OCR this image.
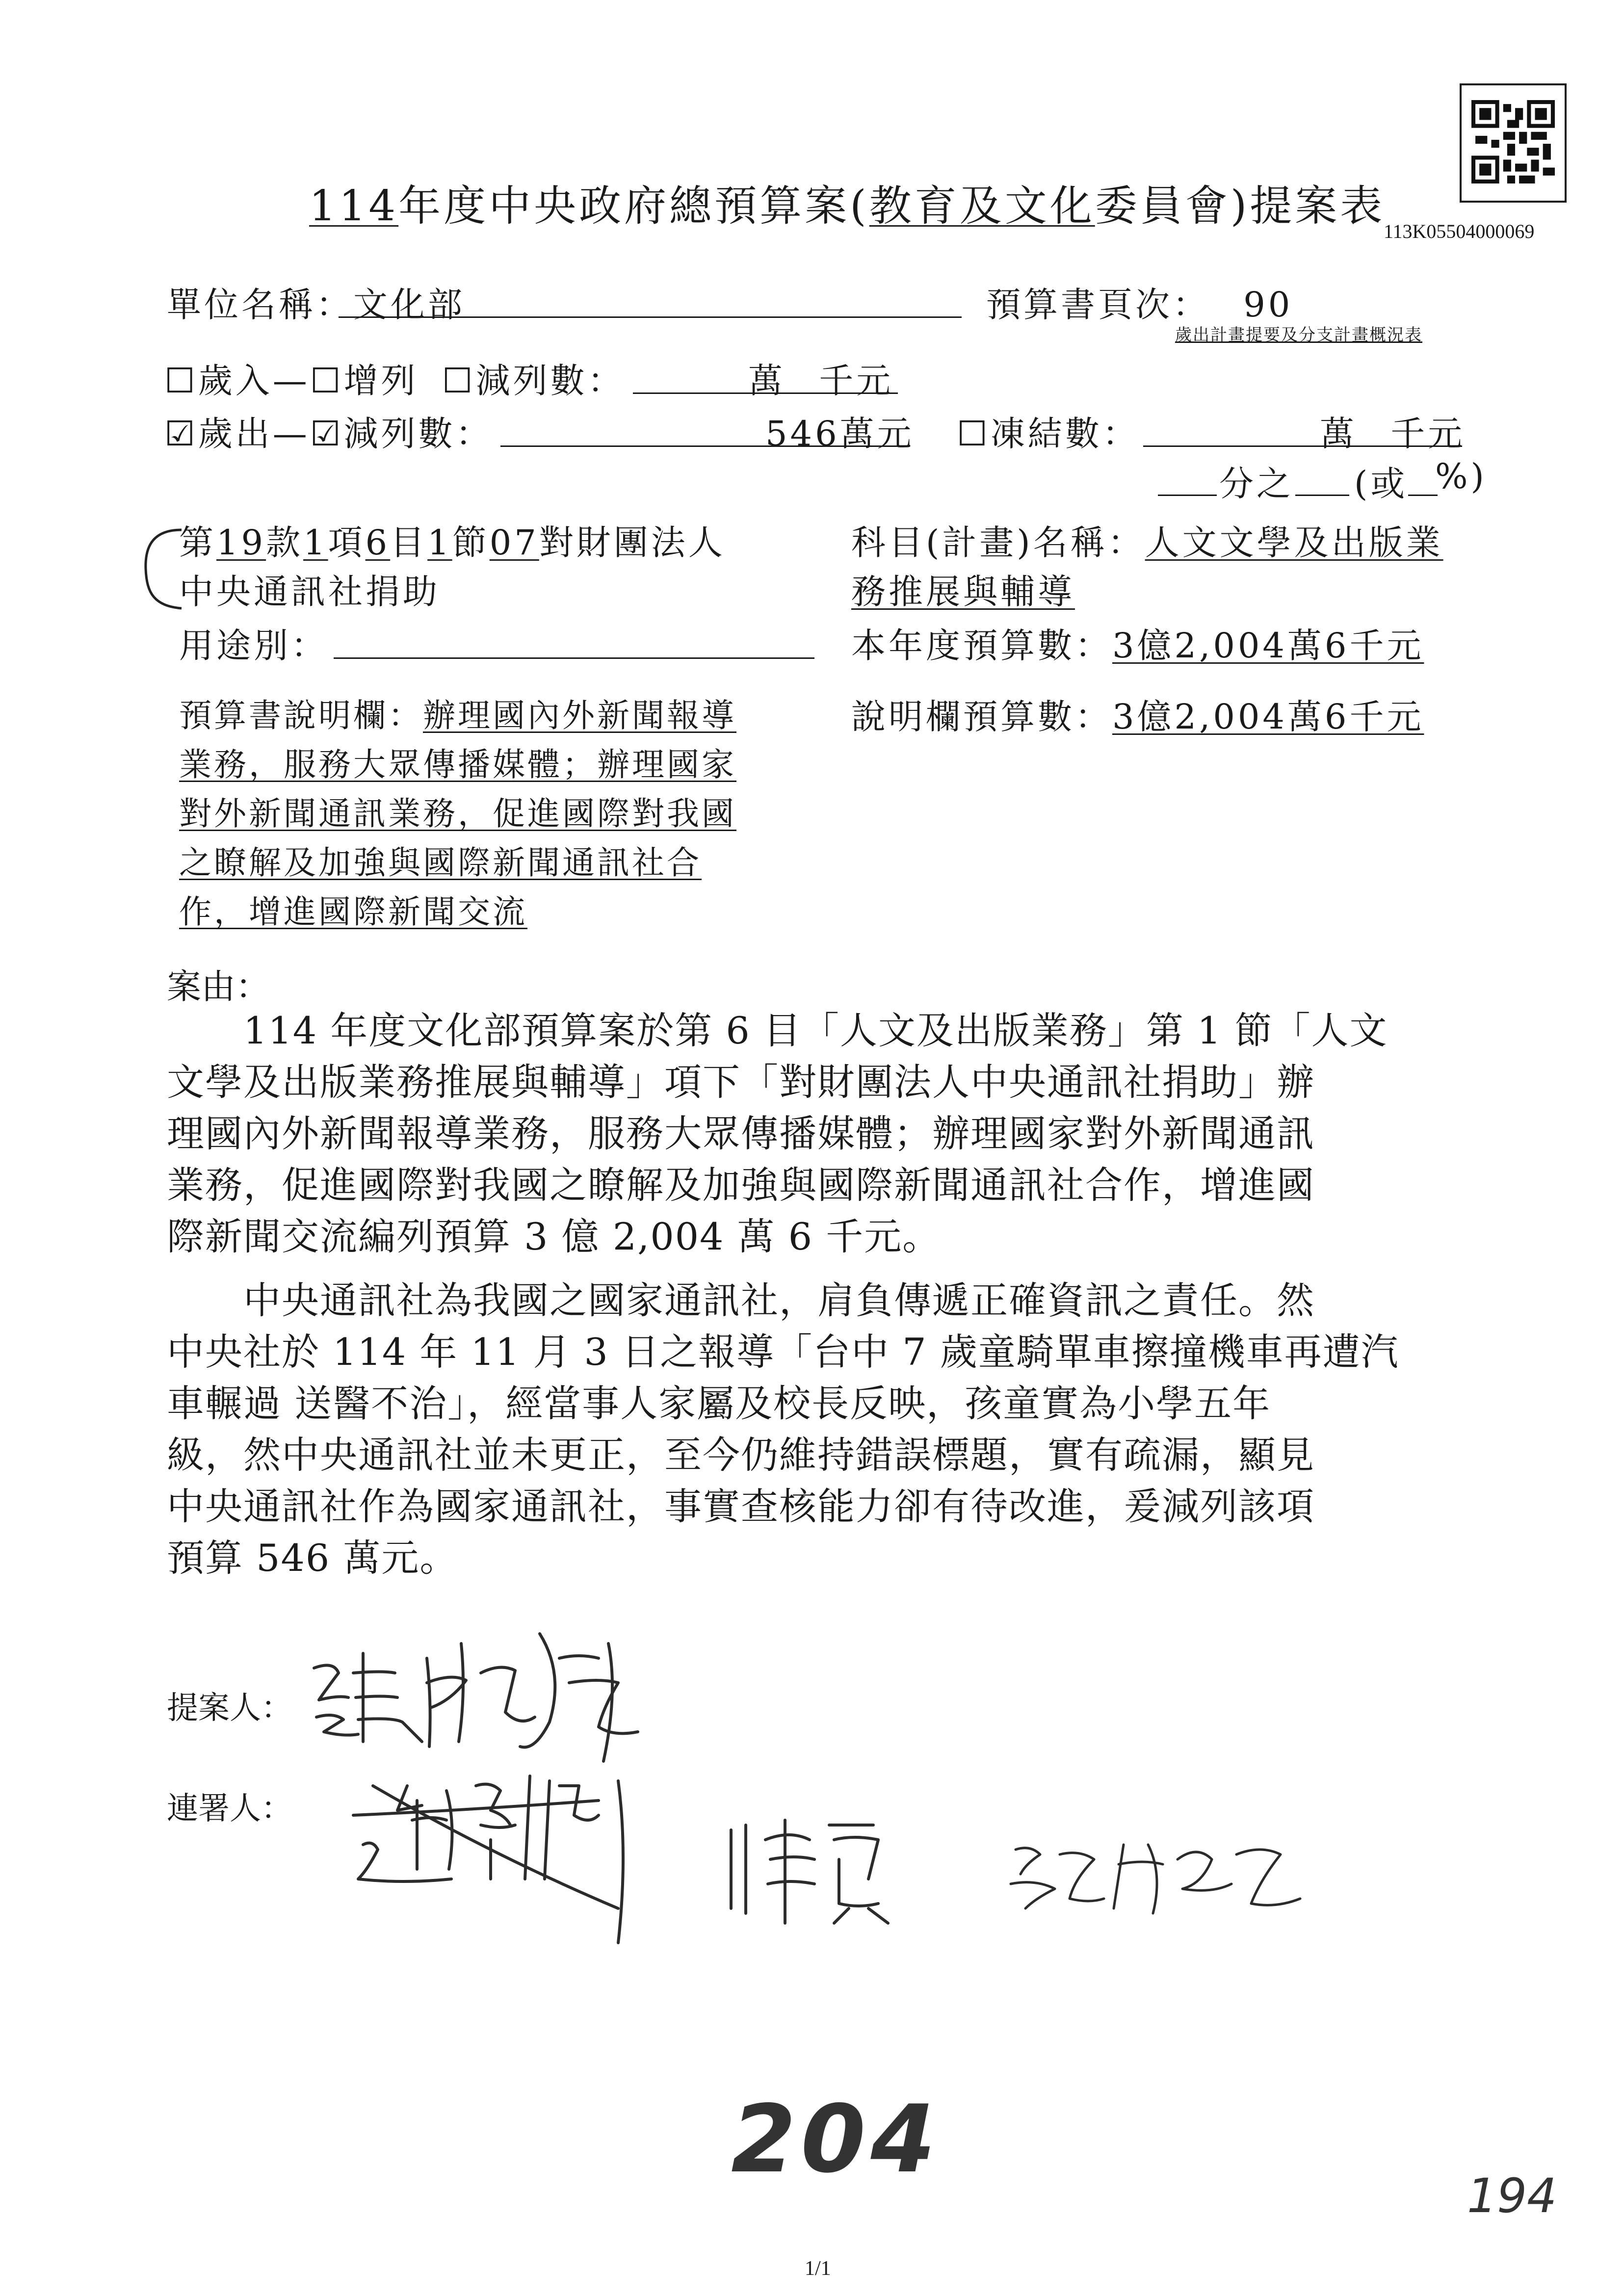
114年度中央政府總預算案(教育及文化委員會)提案表
113K05504000069
單位名稱：文化部	預算書頁次： 90
歲出計畫提要及分支計畫概況表
☐歲入—☐增列 ☐減列數：	萬 千元
☑歲出—☑減列數：	546萬元 ☐凍結數：	萬 千元
分之 (或 %)
第19款1項6目1節07對財團法人
中央通訊社捐助
科目(計畫)名稱：人文文學及出版業
務推展與輔導
用途別：	本年度預算數：3億2,004萬6千元
預算書說明欄：辦理國內外新聞報導
業務，服務大眾傳播媒體；辦理國家
對外新聞通訊業務，促進國際對我國
之瞭解及加強與國際新聞通訊社合
作，增進國際新聞交流
說明欄預算數：3億2,004萬6千元
案由：
　　114 年度文化部預算案於第 6 目「人文及出版業務」第 1 節「人文
文學及出版業務推展與輔導」項下「對財團法人中央通訊社捐助」辦
理國內外新聞報導業務，服務大眾傳播媒體；辦理國家對外新聞通訊
業務，促進國際對我國之瞭解及加強與國際新聞通訊社合作，增進國
際新聞交流編列預算 3 億 2,004 萬 6 千元。
　　中央通訊社為我國之國家通訊社，肩負傳遞正確資訊之責任。然
中央社於 114 年 11 月 3 日之報導「台中 7 歲童騎單車擦撞機車再遭汽
車輾過 送醫不治」，經當事人家屬及校長反映，孩童實為小學五年
級，然中央通訊社並未更正，至今仍維持錯誤標題，實有疏漏，顯見
中央通訊社作為國家通訊社，事實查核能力卻有待改進，爰減列該項
預算 546 萬元。
提案人：
連署人：
204
194
1/1
